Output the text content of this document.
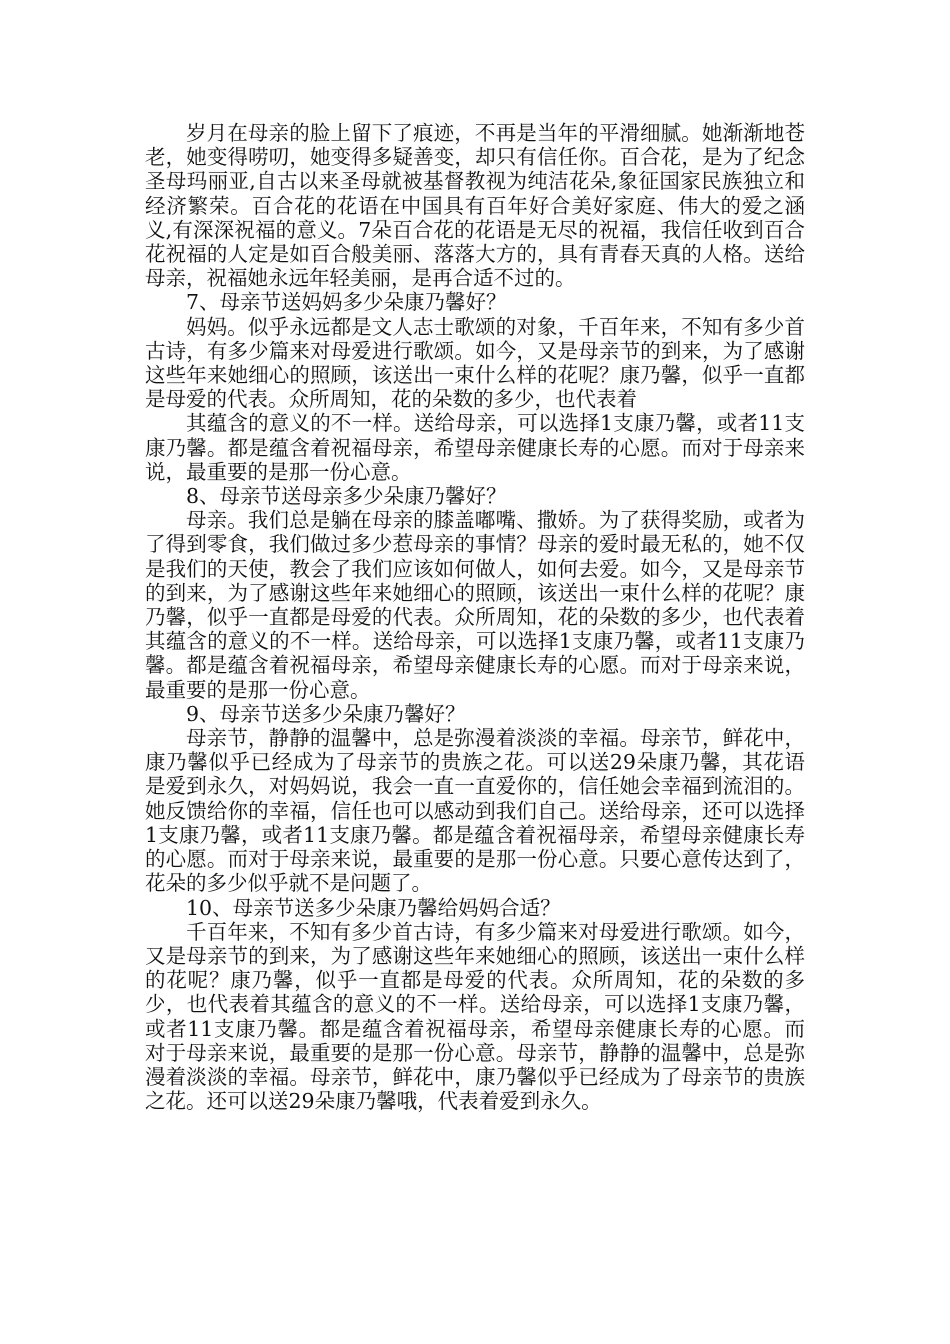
岁月在母亲的脸上留下了痕迹，不再是当年的平滑细腻。她渐渐地苍老，她变得唠叨，她变得多疑善变，却只有信任你。百合花，是为了纪念圣母玛丽亚,自古以来圣母就被基督教视为纯洁花朵,象征国家民族独立和经济繁荣。百合花的花语在中国具有百年好合美好家庭、伟大的爱之涵义,有深深祝福的意义。7朵百合花的花语是无尽的祝福，我信任收到百合花祝福的人定是如百合般美丽、落落大方的，具有青春天真的人格。送给母亲，祝福她永远年轻美丽，是再合适不过的。

7、母亲节送妈妈多少朵康乃馨好？

妈妈。似乎永远都是文人志士歌颂的对象，千百年来，不知有多少首古诗，有多少篇来对母爱进行歌颂。如今，又是母亲节的到来，为了感谢这些年来她细心的照顾，该送出一束什么样的花呢？康乃馨，似乎一直都是母爱的代表。众所周知，花的朵数的多少，也代表着

其蕴含的意义的不一样。送给母亲，可以选择1支康乃馨，或者11支康乃馨。都是蕴含着祝福母亲，希望母亲健康长寿的心愿。而对于母亲来说，最重要的是那一份心意。

8、母亲节送母亲多少朵康乃馨好？

母亲。我们总是躺在母亲的膝盖嘟嘴、撒娇。为了获得奖励，或者为了得到零食，我们做过多少惹母亲的事情？母亲的爱时最无私的，她不仅是我们的天使，教会了我们应该如何做人，如何去爱。如今，又是母亲节的到来，为了感谢这些年来她细心的照顾，该送出一束什么样的花呢？康乃馨，似乎一直都是母爱的代表。众所周知，花的朵数的多少，也代表着其蕴含的意义的不一样。送给母亲，可以选择1支康乃馨，或者11支康乃馨。都是蕴含着祝福母亲，希望母亲健康长寿的心愿。而对于母亲来说，最重要的是那一份心意。

9、母亲节送多少朵康乃馨好？

母亲节，静静的温馨中，总是弥漫着淡淡的幸福。母亲节，鲜花中，康乃馨似乎已经成为了母亲节的贵族之花。可以送29朵康乃馨，其花语是爱到永久，对妈妈说，我会一直一直爱你的，信任她会幸福到流泪的。她反馈给你的幸福，信任也可以感动到我们自己。送给母亲，还可以选择1支康乃馨，或者11支康乃馨。都是蕴含着祝福母亲，希望母亲健康长寿的心愿。而对于母亲来说，最重要的是那一份心意。只要心意传达到了，花朵的多少似乎就不是问题了。

10、母亲节送多少朵康乃馨给妈妈合适？

千百年来，不知有多少首古诗，有多少篇来对母爱进行歌颂。如今，又是母亲节的到来，为了感谢这些年来她细心的照顾，该送出一束什么样的花呢？康乃馨，似乎一直都是母爱的代表。众所周知，花的朵数的多少，也代表着其蕴含的意义的不一样。送给母亲，可以选择1支康乃馨，或者11支康乃馨。都是蕴含着祝福母亲，希望母亲健康长寿的心愿。而对于母亲来说，最重要的是那一份心意。母亲节，静静的温馨中，总是弥漫着淡淡的幸福。母亲节，鲜花中，康乃馨似乎已经成为了母亲节的贵族之花。还可以送29朵康乃馨哦，代表着爱到永久。
